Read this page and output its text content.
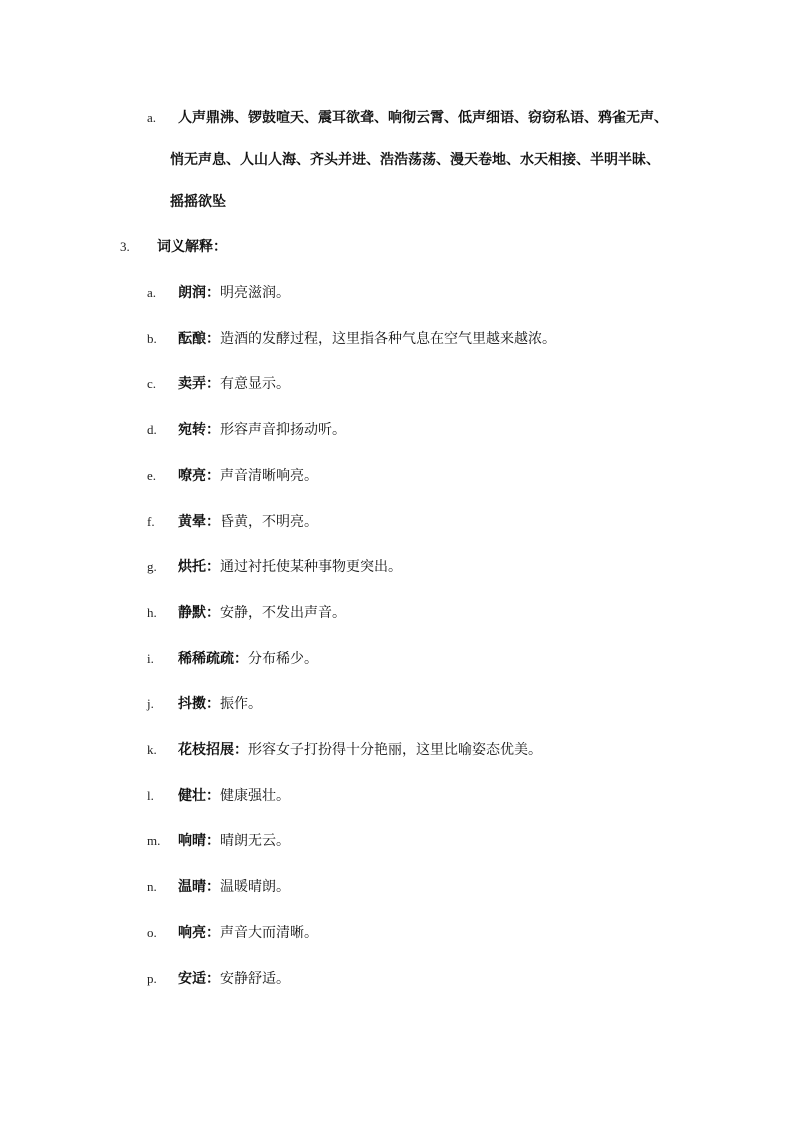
a. 人声鼎沸、锣鼓喧天、震耳欲聋、响彻云霄、低声细语、窃窃私语、鸦雀无声、
悄无声息、人山人海、齐头并进、浩浩荡荡、漫天卷地、水天相接、半明半昧、
摇摇欲坠
3. 词义解释：
a. 朗润：明亮滋润。
b. 酝酿：造酒的发酵过程，这里指各种气息在空气里越来越浓。
c. 卖弄：有意显示。
d. 宛转：形容声音抑扬动听。
e. 嘹亮：声音清晰响亮。
f. 黄晕：昏黄，不明亮。
g. 烘托：通过衬托使某种事物更突出。
h. 静默：安静，不发出声音。
i. 稀稀疏疏：分布稀少。
j. 抖擞：振作。
k. 花枝招展：形容女子打扮得十分艳丽，这里比喻姿态优美。
l. 健壮：健康强壮。
m. 响晴：晴朗无云。
n. 温晴：温暖晴朗。
o. 响亮：声音大而清晰。
p. 安适：安静舒适。
